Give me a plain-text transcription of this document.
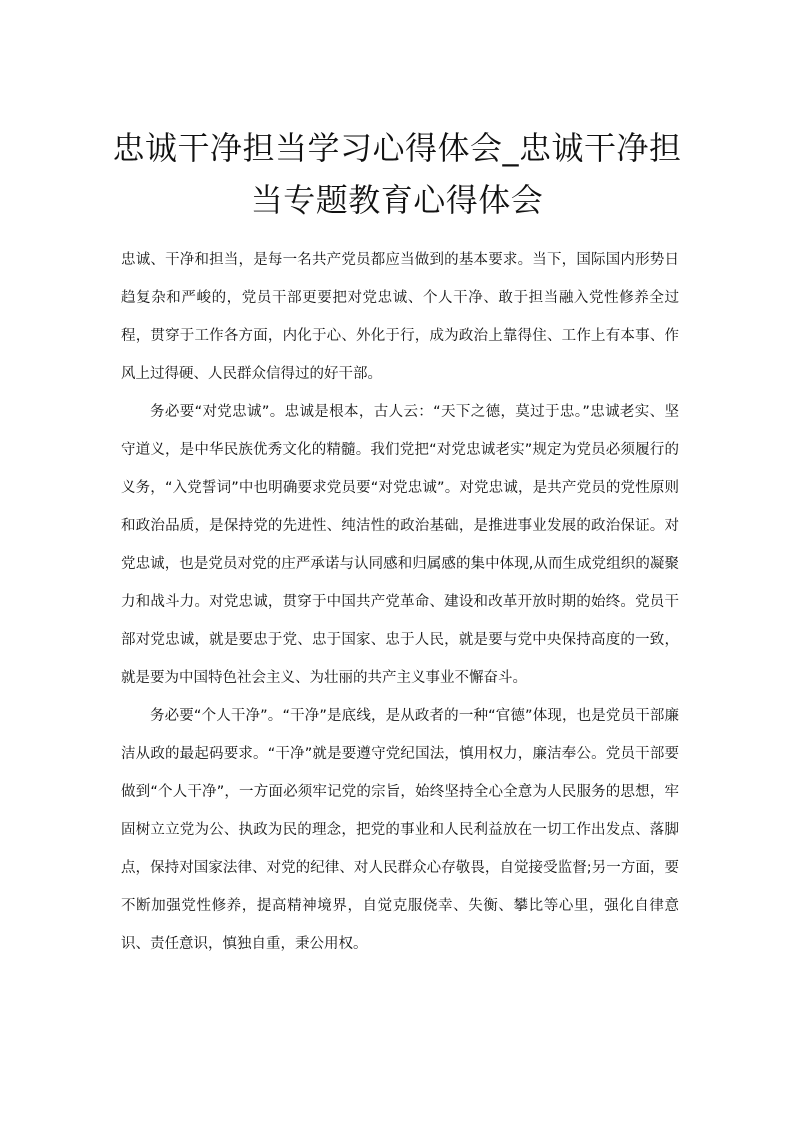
忠诚干净担当学习心得体会_忠诚干净担当专题教育心得体会

忠诚、干净和担当，是每一名共产党员都应当做到的基本要求。当下，国际国内形势日趋复杂和严峻的，党员干部更要把对党忠诚、个人干净、敢于担当融入党性修养全过程，贯穿于工作各方面，内化于心、外化于行，成为政治上靠得住、工作上有本事、作风上过得硬、人民群众信得过的好干部。

务必要“对党忠诚”。忠诚是根本，古人云：“天下之德，莫过于忠。”忠诚老实、坚守道义，是中华民族优秀文化的精髓。我们党把“对党忠诚老实”规定为党员必须履行的义务，“入党誓词”中也明确要求党员要“对党忠诚”。对党忠诚，是共产党员的党性原则和政治品质，是保持党的先进性、纯洁性的政治基础，是推进事业发展的政治保证。对党忠诚，也是党员对党的庄严承诺与认同感和归属感的集中体现,从而生成党组织的凝聚力和战斗力。对党忠诚，贯穿于中国共产党革命、建设和改革开放时期的始终。党员干部对党忠诚，就是要忠于党、忠于国家、忠于人民，就是要与党中央保持高度的一致，就是要为中国特色社会主义、为壮丽的共产主义事业不懈奋斗。

务必要“个人干净”。“干净”是底线，是从政者的一种“官德”体现，也是党员干部廉洁从政的最起码要求。“干净”就是要遵守党纪国法，慎用权力，廉洁奉公。党员干部要做到“个人干净”，一方面必须牢记党的宗旨，始终坚持全心全意为人民服务的思想，牢固树立立党为公、执政为民的理念，把党的事业和人民利益放在一切工作出发点、落脚点，保持对国家法律、对党的纪律、对人民群众心存敬畏，自觉接受监督;另一方面，要不断加强党性修养，提高精神境界，自觉克服侥幸、失衡、攀比等心里，强化自律意识、责任意识，慎独自重，秉公用权。
